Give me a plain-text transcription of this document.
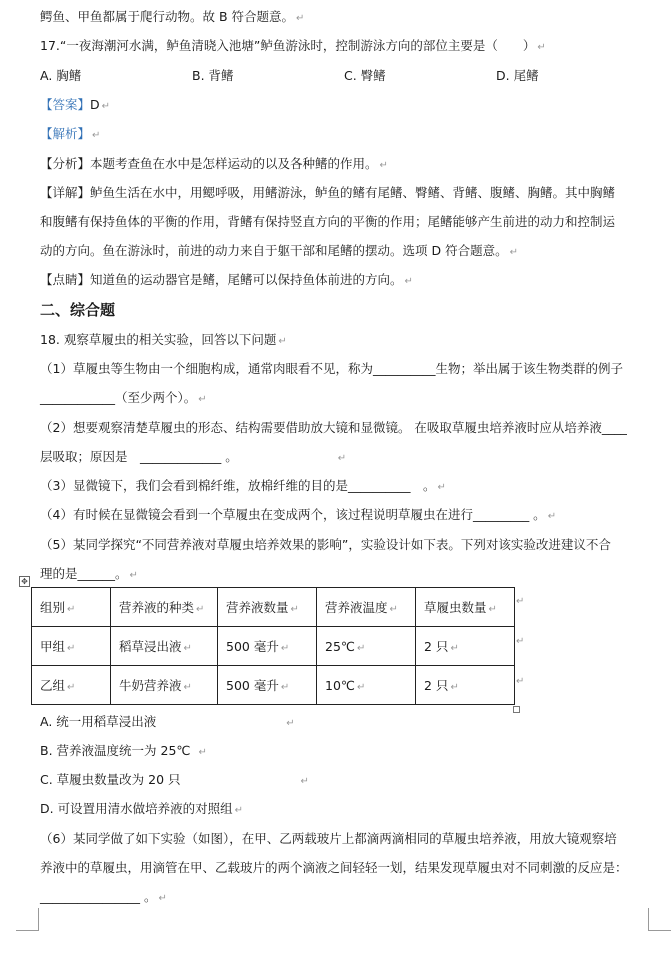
鳄鱼、甲鱼都属于爬行动物。故 B 符合题意。 ↵
17.“一夜海潮河水满，鲈鱼清晓入池塘”鲈鱼游泳时，控制游泳方向的部位主要是（　　） ↵
A. 胸鳍	B. 背鳍	C. 臀鳍	D. 尾鳍
【答案】D ↵
【解析】 ↵
【分析】本题考查鱼在水中是怎样运动的以及各种鳍的作用。 ↵
【详解】鲈鱼生活在水中，用鳃呼吸，用鳍游泳，鲈鱼的鳍有尾鳍、臀鳍、背鳍、腹鳍、胸鳍。其中胸鳍
和腹鳍有保持鱼体的平衡的作用，背鳍有保持竖直方向的平衡的作用；尾鳍能够产生前进的动力和控制运
动的方向。鱼在游泳时，前进的动力来自于躯干部和尾鳍的摆动。选项 D 符合题意。 ↵
【点睛】知道鱼的运动器官是鳍，尾鳍可以保持鱼体前进的方向。 ↵
二、综合题
18. 观察草履虫的相关实验，回答以下问题 ↵
（1）草履虫等生物由一个细胞构成，通常肉眼看不见，称为__________生物；举出属于该生物类群的例子
____________（至少两个）。 ↵
（2）想要观察清楚草履虫的形态、结构需要借助放大镜和显微镜。 在吸取草履虫培养液时应从培养液____
层吸取；原因是　_____________ 。	↵
（3）显微镜下，我们会看到棉纤维，放棉纤维的目的是__________　。 ↵
（4）有时候在显微镜会看到一个草履虫在变成两个，该过程说明草履虫在进行_________ 。 ↵
（5）某同学探究“不同营养液对草履虫培养效果的影响”，实验设计如下表。下列对该实验改进建议不合
理的是______。 ↵
✥
组别 ↵	营养液的种类 ↵	营养液数量 ↵	营养液温度 ↵	草履虫数量 ↵
甲组 ↵	稻草浸出液 ↵	500 毫升 ↵	25℃ ↵	2 只 ↵
乙组 ↵	牛奶营养液 ↵	500 毫升 ↵	10℃ ↵	2 只 ↵
↵
↵
↵
A. 统一用稻草浸出液	↵
B. 营养液温度统一为 25℃ ↵
C. 草履虫数量改为 20 只	↵
D. 可设置用清水做培养液的对照组 ↵
（6）某同学做了如下实验（如图），在甲、乙两载玻片上都滴两滴相同的草履虫培养液，用放大镜观察培
养液中的草履虫，用滴管在甲、乙载玻片的两个滴液之间轻轻一划，结果发现草履虫对不同刺激的反应是：
________________ 。 ↵
